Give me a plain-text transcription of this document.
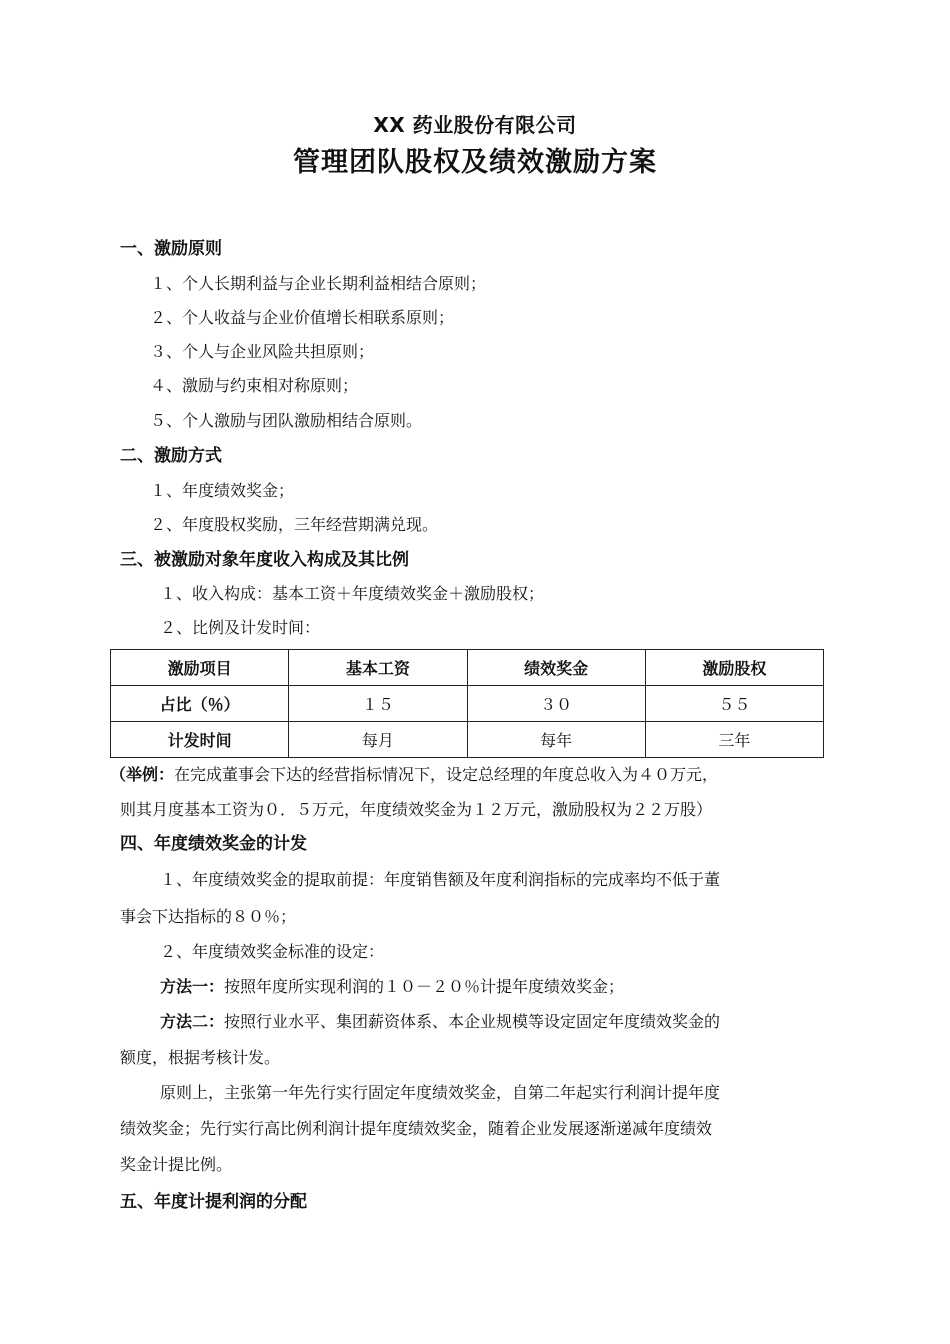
XX 药业股份有限公司
管理团队股权及绩效激励方案
一、激励原则
１、个人长期利益与企业长期利益相结合原则；
２、个人收益与企业价值增长相联系原则；
３、个人与企业风险共担原则；
４、激励与约束相对称原则；
５、个人激励与团队激励相结合原则。
二、激励方式
１、年度绩效奖金；
２、年度股权奖励，三年经营期满兑现。
三、被激励对象年度收入构成及其比例
１、收入构成：基本工资＋年度绩效奖金＋激励股权；
２、比例及计发时间：
激励项目	基本工资	绩效奖金	激励股权
占比（％）	１５	３０	５５
计发时间	每月	每年	三年
（举例：在完成董事会下达的经营指标情况下，设定总经理的年度总收入为４０万元，
则其月度基本工资为０．５万元，年度绩效奖金为１２万元，激励股权为２２万股）
四、年度绩效奖金的计发
１、年度绩效奖金的提取前提：年度销售额及年度利润指标的完成率均不低于董
事会下达指标的８０％；
２、年度绩效奖金标准的设定：
方法一：按照年度所实现利润的１０－２０％计提年度绩效奖金；
方法二：按照行业水平、集团薪资体系、本企业规模等设定固定年度绩效奖金的
额度，根据考核计发。
原则上，主张第一年先行实行固定年度绩效奖金，自第二年起实行利润计提年度
绩效奖金；先行实行高比例利润计提年度绩效奖金，随着企业发展逐渐递减年度绩效
奖金计提比例。
五、年度计提利润的分配
